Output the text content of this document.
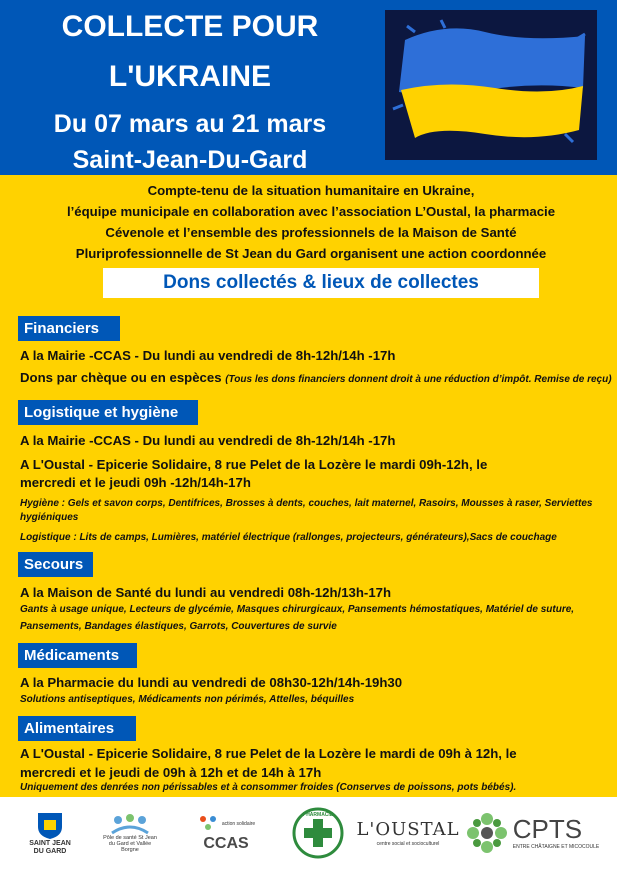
COLLECTE POUR
L'UKRAINE
Du 07 mars au 21 mars
Saint-Jean-Du-Gard
Compte-tenu de la situation humanitaire en Ukraine,
l’équipe municipale en collaboration avec l’association L’Oustal, la pharmacie
Cévenole et l’ensemble des professionnels de la Maison de Santé
Pluriprofessionnelle de St Jean du Gard organisent une action coordonnée
Dons collectés & lieux de collectes
Financiers
A la Mairie -CCAS - Du lundi au vendredi de 8h-12h/14h -17h
Dons par chèque ou en espèces (Tous les dons financiers donnent droit à une réduction d’impôt. Remise de reçu)
Logistique et hygiène
A la Mairie -CCAS - Du lundi au vendredi de 8h-12h/14h -17h
A L'Oustal - Epicerie Solidaire, 8 rue Pelet de la Lozère le mardi 09h-12h, le
mercredi et le jeudi 09h -12h/14h-17h
Hygiène : Gels et savon corps, Dentifrices, Brosses à dents, couches, lait maternel, Rasoirs, Mousses à raser, Serviettes hygiéniques
Logistique : Lits de camps, Lumières, matériel électrique (rallonges, projecteurs, générateurs),Sacs de couchage
Secours
A la Maison de Santé du lundi au vendredi 08h-12h/13h-17h
Gants à usage unique, Lecteurs de glycémie, Masques chirurgicaux, Pansements hémostatiques, Matériel de suture, Pansements, Bandages élastiques, Garrots, Couvertures de survie
Médicaments
A la Pharmacie du lundi au vendredi de 08h30-12h/14h-19h30
Solutions antiseptiques, Médicaments non périmés, Attelles, béquilles
Alimentaires
A L'Oustal - Epicerie Solidaire, 8 rue Pelet de la Lozère le mardi de 09h à 12h, le
mercredi et le jeudi de 09h à 12h et de 14h à 17h
Uniquement des denrées non périssables et à consommer froides (Conserves de poissons, pots bébés).
SAINT JEAN
DU GARD
Pôle de santé St Jean du Gard et Vallée Borgne
action solidaire
CCAS
PHARMACIE
L'OUSTAL
centre social et socioculturel	CPTS
ENTRE CHÂTAIGNE ET MICOCOULE
